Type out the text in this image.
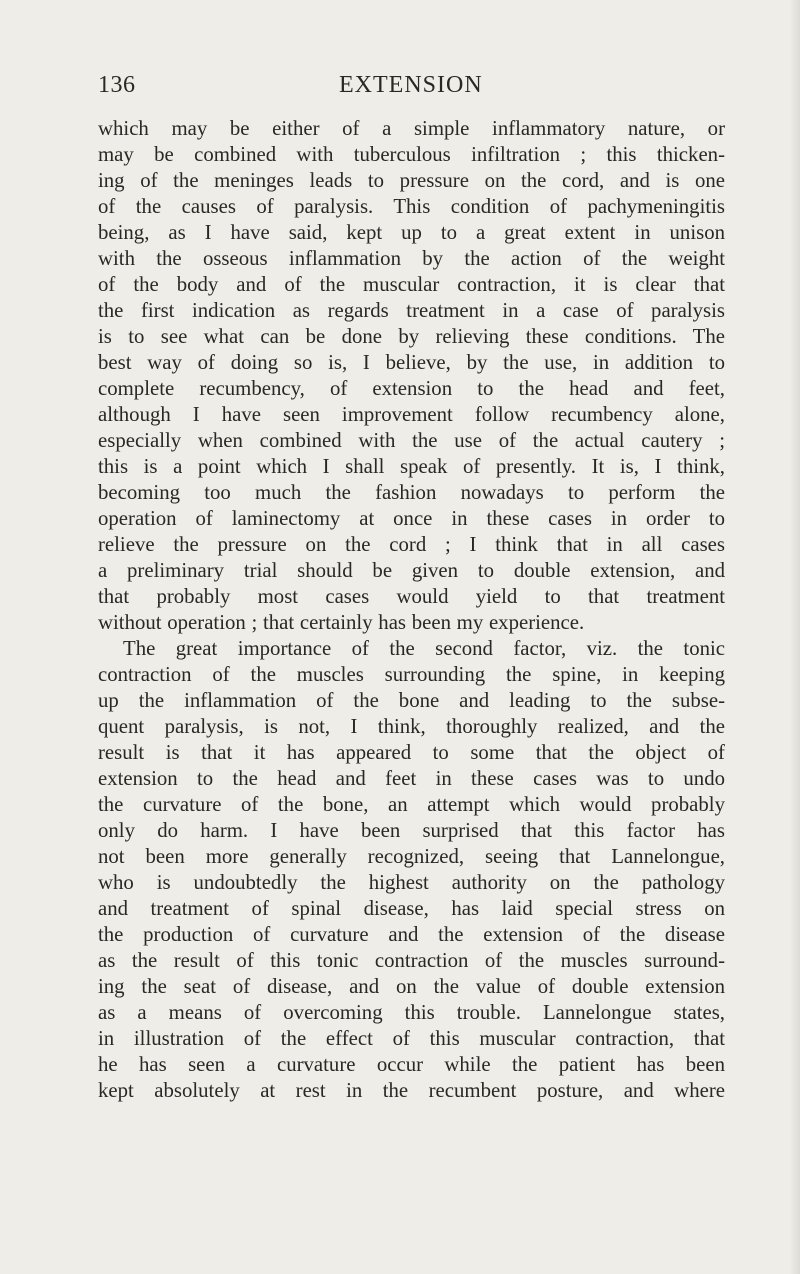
136	EXTENSION
which may be either of a simple inflammatory nature, or
may be combined with tuberculous infiltration ; this thicken-
ing of the meninges leads to pressure on the cord, and is one
of the causes of paralysis. This condition of pachymeningitis
being, as I have said, kept up to a great extent in unison
with the osseous inflammation by the action of the weight
of the body and of the muscular contraction, it is clear that
the first indication as regards treatment in a case of paralysis
is to see what can be done by relieving these conditions. The
best way of doing so is, I believe, by the use, in addition to
complete recumbency, of extension to the head and feet,
although I have seen improvement follow recumbency alone,
especially when combined with the use of the actual cautery ;
this is a point which I shall speak of presently. It is, I think,
becoming too much the fashion nowadays to perform the
operation of laminectomy at once in these cases in order to
relieve the pressure on the cord ; I think that in all cases
a preliminary trial should be given to double extension, and
that probably most cases would yield to that treatment
without operation ; that certainly has been my experience.
The great importance of the second factor, viz. the tonic
contraction of the muscles surrounding the spine, in keeping
up the inflammation of the bone and leading to the subse-
quent paralysis, is not, I think, thoroughly realized, and the
result is that it has appeared to some that the object of
extension to the head and feet in these cases was to undo
the curvature of the bone, an attempt which would probably
only do harm. I have been surprised that this factor has
not been more generally recognized, seeing that Lannelongue,
who is undoubtedly the highest authority on the pathology
and treatment of spinal disease, has laid special stress on
the production of curvature and the extension of the disease
as the result of this tonic contraction of the muscles surround-
ing the seat of disease, and on the value of double extension
as a means of overcoming this trouble. Lannelongue states,
in illustration of the effect of this muscular contraction, that
he has seen a curvature occur while the patient has been
kept absolutely at rest in the recumbent posture, and where
